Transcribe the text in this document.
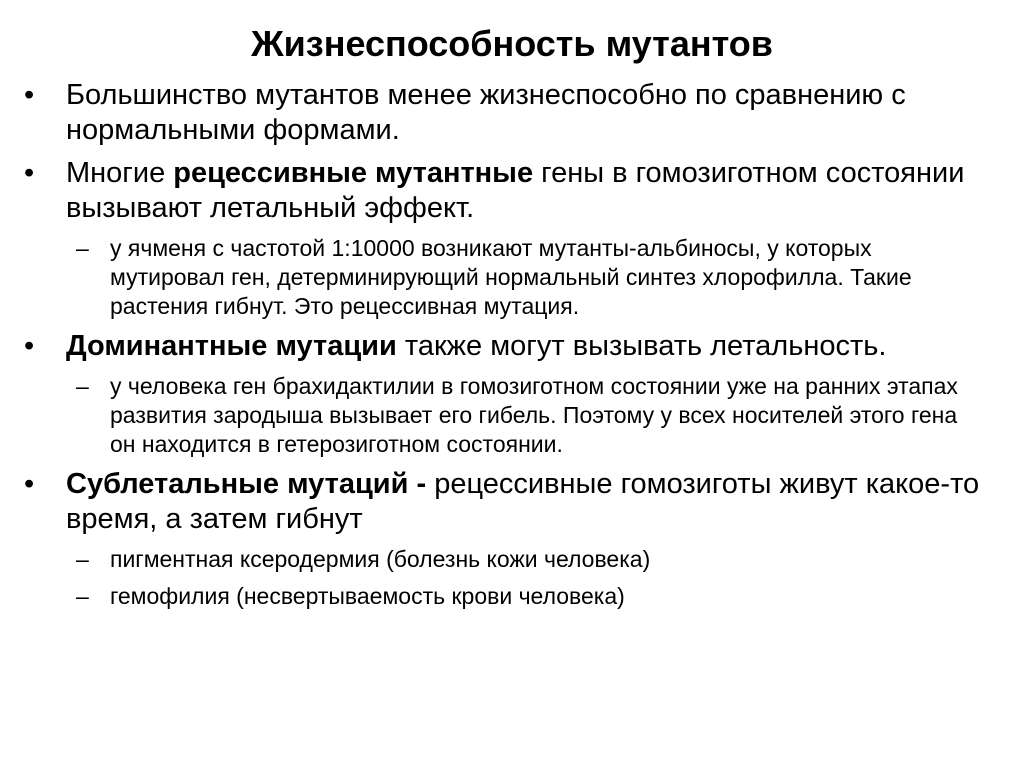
Жизнеспособность мутантов
• Большинство мутантов менее жизнеспособно по сравнению с нормальными формами.
• Многие рецессивные мутантные гены в гомозиготном состоянии вызывают летальный эффект.
– у ячменя с частотой 1:10000 возникают мутанты-альбиносы, у которых мутировал ген, детерминирующий нормальный синтез хлорофилла. Такие растения гибнут. Это рецессивная мутация.
• Доминантные мутации также могут вызывать летальность.
– у человека ген брахидактилии в гомозиготном состоянии уже на ранних этапах развития зародыша вызывает его гибель. Поэтому у всех носителей этого гена он находится в гетерозиготном состоянии.
• Сублетальные мутаций - рецессивные гомозиготы живут какое-то время, а затем гибнут
– пигментная ксеродермия (болезнь кожи человека)
– гемофилия (несвертываемость крови человека)
